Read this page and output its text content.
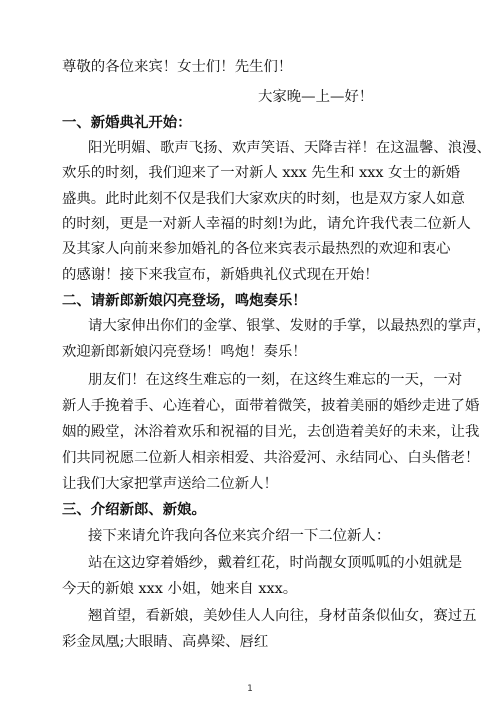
尊敬的各位来宾！女士们！先生们！
大家晚—上—好！
一、新婚典礼开始：
阳光明媚、歌声飞扬、欢声笑语、天降吉祥！在这温馨、浪漫、
欢乐的时刻，我们迎来了一对新人 xxx 先生和 xxx 女士的新婚
盛典。此时此刻不仅是我们大家欢庆的时刻，也是双方家人如意
的时刻，更是一对新人幸福的时刻!为此，请允许我代表二位新人
及其家人向前来参加婚礼的各位来宾表示最热烈的欢迎和衷心
的感谢！接下来我宣布，新婚典礼仪式现在开始！
二、请新郎新娘闪亮登场，鸣炮奏乐！
请大家伸出你们的金掌、银掌、发财的手掌，以最热烈的掌声，
欢迎新郎新娘闪亮登场！鸣炮！奏乐！
朋友们！在这终生难忘的一刻，在这终生难忘的一天，一对
新人手挽着手、心连着心，面带着微笑，披着美丽的婚纱走进了婚
姻的殿堂，沐浴着欢乐和祝福的目光，去创造着美好的未来，让我
们共同祝愿二位新人相亲相爱、共浴爱河、永结同心、白头偕老！
让我们大家把掌声送给二位新人！
三、介绍新郎、新娘。
接下来请允许我向各位来宾介绍一下二位新人：
站在这边穿着婚纱，戴着红花，时尚靓女顶呱呱的小姐就是
今天的新娘 xxx 小姐，她来自 xxx。
翘首望，看新娘，美妙佳人人向往，身材苗条似仙女，赛过五
彩金凤凰;大眼睛、高鼻梁、唇红
1
